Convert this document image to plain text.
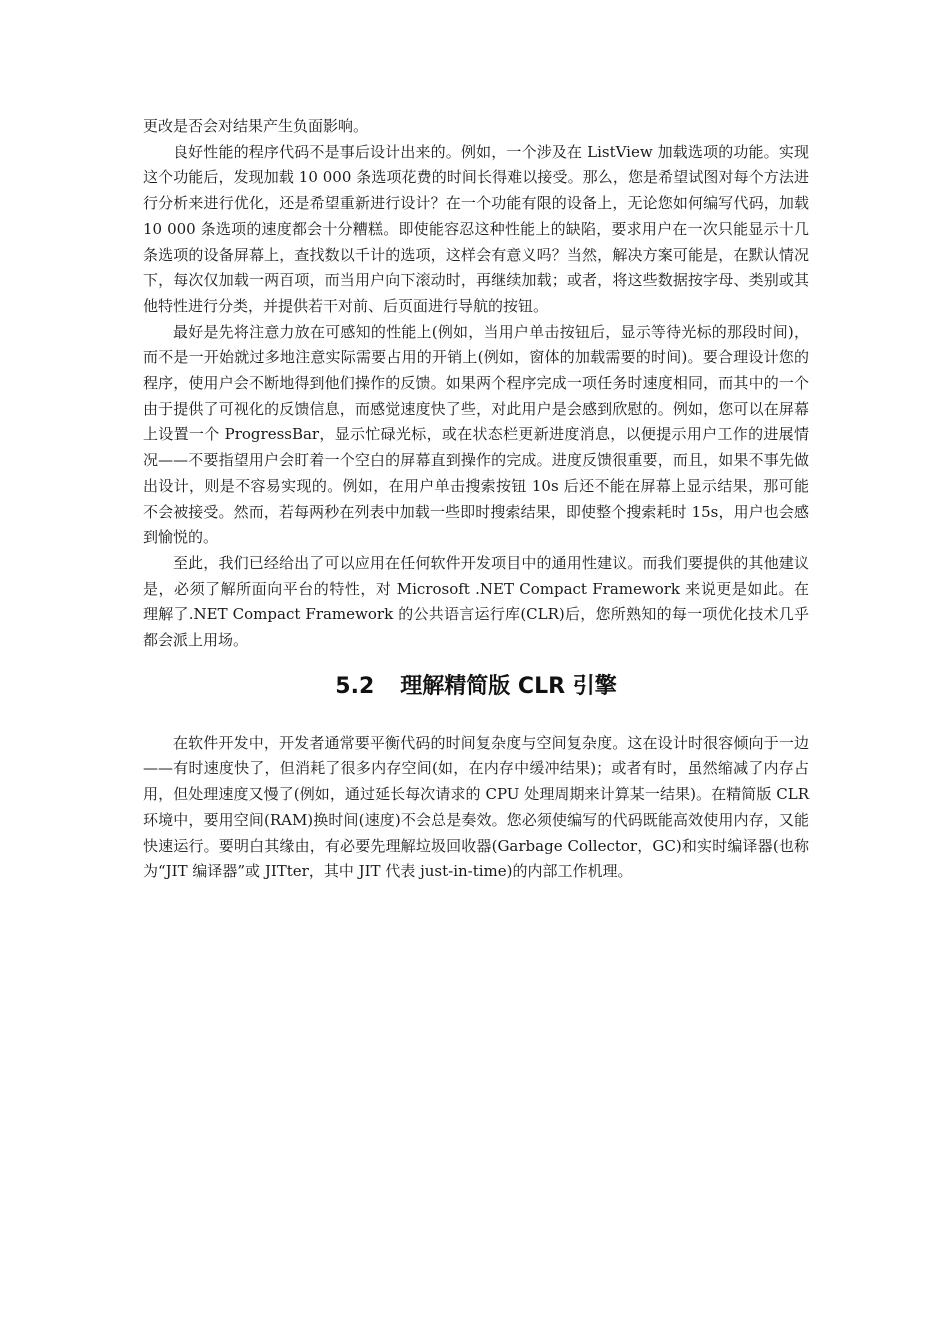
更改是否会对结果产生负面影响。

良好性能的程序代码不是事后设计出来的。例如，一个涉及在 ListView 加载选项的功能。实现这个功能后，发现加载 10 000 条选项花费的时间长得难以接受。那么，您是希望试图对每个方法进行分析来进行优化，还是希望重新进行设计？在一个功能有限的设备上，无论您如何编写代码，加载 10 000 条选项的速度都会十分糟糕。即使能容忍这种性能上的缺陷，要求用户在一次只能显示十几条选项的设备屏幕上，查找数以千计的选项，这样会有意义吗？当然，解决方案可能是，在默认情况下，每次仅加载一两百项，而当用户向下滚动时，再继续加载；或者，将这些数据按字母、类别或其他特性进行分类，并提供若干对前、后页面进行导航的按钮。

最好是先将注意力放在可感知的性能上(例如，当用户单击按钮后，显示等待光标的那段时间)，而不是一开始就过多地注意实际需要占用的开销上(例如，窗体的加载需要的时间)。要合理设计您的程序，使用户会不断地得到他们操作的反馈。如果两个程序完成一项任务时速度相同，而其中的一个由于提供了可视化的反馈信息，而感觉速度快了些，对此用户是会感到欣慰的。例如，您可以在屏幕上设置一个 ProgressBar，显示忙碌光标，或在状态栏更新进度消息，以便提示用户工作的进展情况——不要指望用户会盯着一个空白的屏幕直到操作的完成。进度反馈很重要，而且，如果不事先做出设计，则是不容易实现的。例如，在用户单击搜索按钮 10s 后还不能在屏幕上显示结果，那可能不会被接受。然而，若每两秒在列表中加载一些即时搜索结果，即使整个搜索耗时 15s，用户也会感到愉悦的。

至此，我们已经给出了可以应用在任何软件开发项目中的通用性建议。而我们要提供的其他建议是，必须了解所面向平台的特性，对 Microsoft .NET Compact Framework 来说更是如此。在理解了.NET Compact Framework 的公共语言运行库(CLR)后，您所熟知的每一项优化技术几乎都会派上用场。

5.2 理解精简版 CLR 引擎

在软件开发中，开发者通常要平衡代码的时间复杂度与空间复杂度。这在设计时很容倾向于一边——有时速度快了，但消耗了很多内存空间(如，在内存中缓冲结果)；或者有时，虽然缩减了内存占用，但处理速度又慢了(例如，通过延长每次请求的 CPU 处理周期来计算某一结果)。在精简版 CLR 环境中，要用空间(RAM)换时间(速度)不会总是奏效。您必须使编写的代码既能高效使用内存，又能快速运行。要明白其缘由，有必要先理解垃圾回收器(Garbage Collector，GC)和实时编译器(也称为“JIT 编译器”或 JITter，其中 JIT 代表 just-in-time)的内部工作机理。
